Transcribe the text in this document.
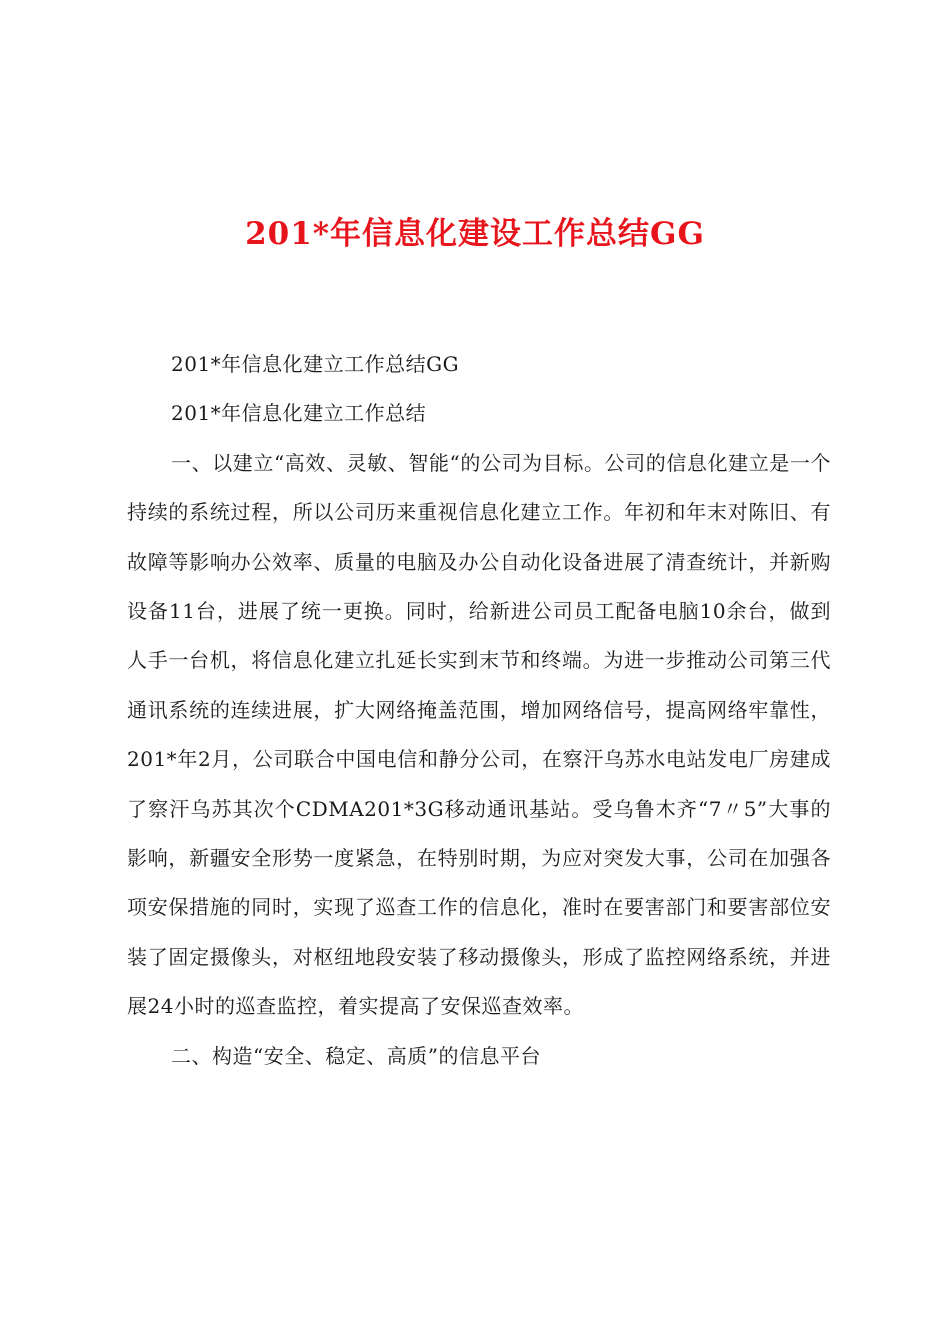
201*年信息化建设工作总结GG

201*年信息化建立工作总结GG

201*年信息化建立工作总结

一、以建立“高效、灵敏、智能“的公司为目标。公司的信息化建立是一个持续的系统过程，所以公司历来重视信息化建立工作。年初和年末对陈旧、有故障等影响办公效率、质量的电脑及办公自动化设备进展了清查统计，并新购设备11台，进展了统一更换。同时，给新进公司员工配备电脑10余台，做到人手一台机，将信息化建立扎延长实到末节和终端。为进一步推动公司第三代通讯系统的连续进展，扩大网络掩盖范围，增加网络信号，提高网络牢靠性，201*年2月，公司联合中国电信和静分公司，在察汗乌苏水电站发电厂房建成了察汗乌苏其次个CDMA201*3G移动通讯基站。受乌鲁木齐“7〃5”大事的影响，新疆安全形势一度紧急，在特别时期，为应对突发大事，公司在加强各项安保措施的同时，实现了巡查工作的信息化，准时在要害部门和要害部位安装了固定摄像头，对枢纽地段安装了移动摄像头，形成了监控网络系统，并进展24小时的巡查监控，着实提高了安保巡查效率。

二、构造“安全、稳定、高质”的信息平台
